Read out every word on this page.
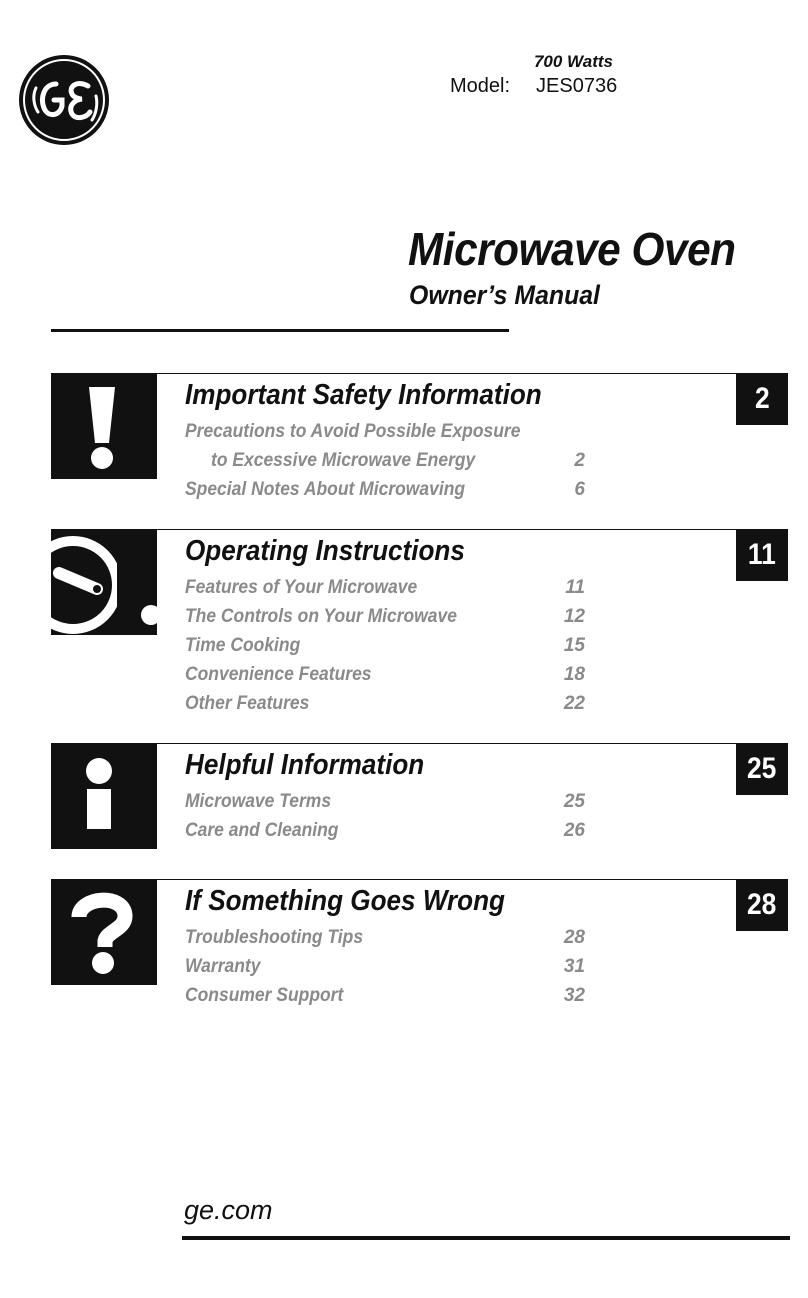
700 Watts
Model: JES0736
Microwave Oven
Owner’s Manual
Important Safety Information	2
Precautions to Avoid Possible Exposure
to Excessive Microwave Energy	2
Special Notes About Microwaving	6
Operating Instructions	11
Features of Your Microwave	11
The Controls on Your Microwave	12
Time Cooking	15
Convenience Features	18
Other Features	22
Helpful Information	25
Microwave Terms	25
Care and Cleaning	26
If Something Goes Wrong	28
Troubleshooting Tips	28
Warranty	31
Consumer Support	32
ge.com
